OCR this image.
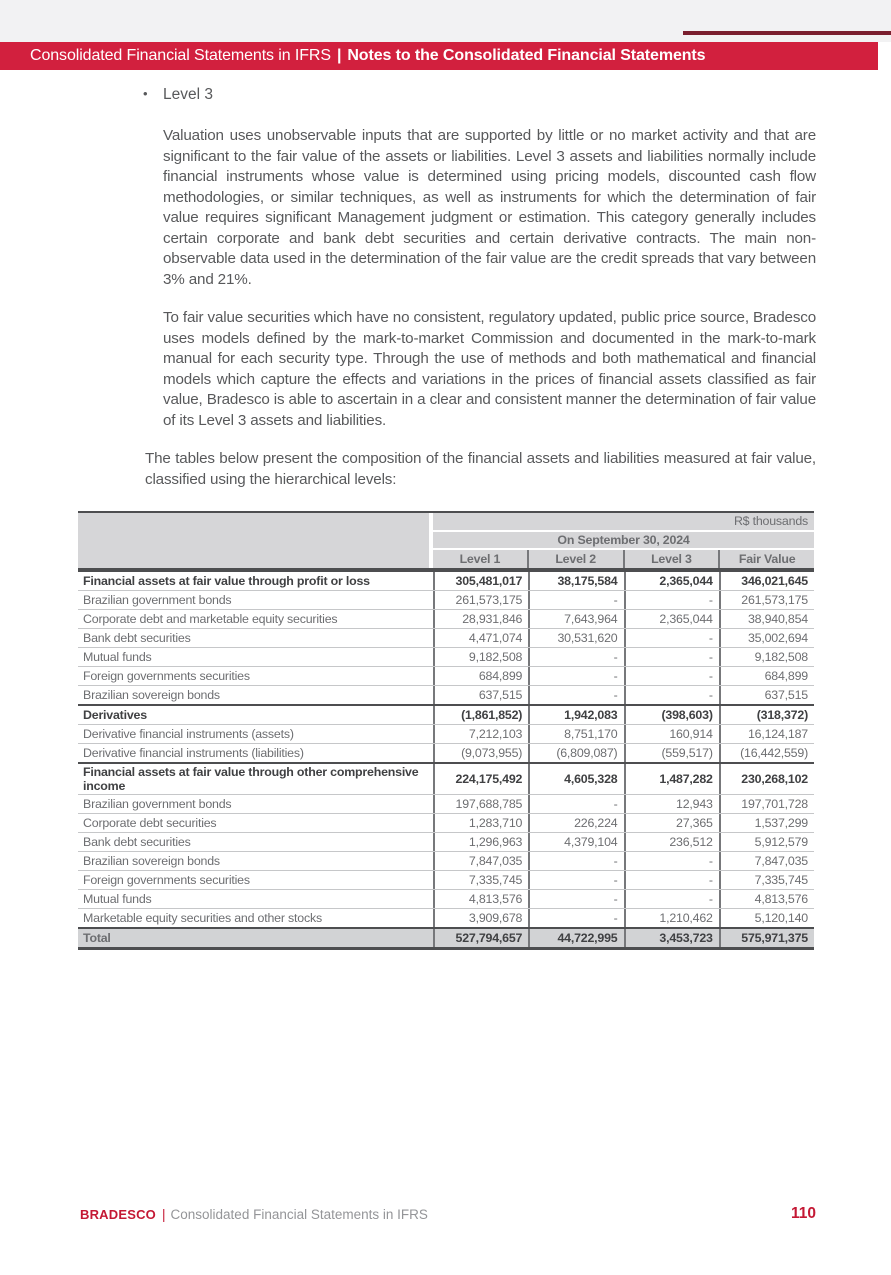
Consolidated Financial Statements in IFRS | Notes to the Consolidated Financial Statements
• Level 3

Valuation uses unobservable inputs that are supported by little or no market activity and that are significant to the fair value of the assets or liabilities. Level 3 assets and liabilities normally include financial instruments whose value is determined using pricing models, discounted cash flow methodologies, or similar techniques, as well as instruments for which the determination of fair value requires significant Management judgment or estimation. This category generally includes certain corporate and bank debt securities and certain derivative contracts. The main non-observable data used in the determination of the fair value are the credit spreads that vary between 3% and 21%.

To fair value securities which have no consistent, regulatory updated, public price source, Bradesco uses models defined by the mark-to-market Commission and documented in the mark-to-mark manual for each security type. Through the use of methods and both mathematical and financial models which capture the effects and variations in the prices of financial assets classified as fair value, Bradesco is able to ascertain in a clear and consistent manner the determination of fair value of its Level 3 assets and liabilities.

The tables below present the composition of the financial assets and liabilities measured at fair value, classified using the hierarchical levels:

R$ thousands
On September 30, 2024
Level 1	Level 2	Level 3	Fair Value
Financial assets at fair value through profit or loss	305,481,017	38,175,584	2,365,044	346,021,645
Brazilian government bonds	261,573,175	-	-	261,573,175
Corporate debt and marketable equity securities	28,931,846	7,643,964	2,365,044	38,940,854
Bank debt securities	4,471,074	30,531,620	-	35,002,694
Mutual funds	9,182,508	-	-	9,182,508
Foreign governments securities	684,899	-	-	684,899
Brazilian sovereign bonds	637,515	-	-	637,515
Derivatives	(1,861,852)	1,942,083	(398,603)	(318,372)
Derivative financial instruments (assets)	7,212,103	8,751,170	160,914	16,124,187
Derivative financial instruments (liabilities)	(9,073,955)	(6,809,087)	(559,517)	(16,442,559)
Financial assets at fair value through other comprehensive income	224,175,492	4,605,328	1,487,282	230,268,102
Brazilian government bonds	197,688,785	-	12,943	197,701,728
Corporate debt securities	1,283,710	226,224	27,365	1,537,299
Bank debt securities	1,296,963	4,379,104	236,512	5,912,579
Brazilian sovereign bonds	7,847,035	-	-	7,847,035
Foreign governments securities	7,335,745	-	-	7,335,745
Mutual funds	4,813,576	-	-	4,813,576
Marketable equity securities and other stocks	3,909,678	-	1,210,462	5,120,140
Total	527,794,657	44,722,995	3,453,723	575,971,375
BRADESCO | Consolidated Financial Statements in IFRS	110
